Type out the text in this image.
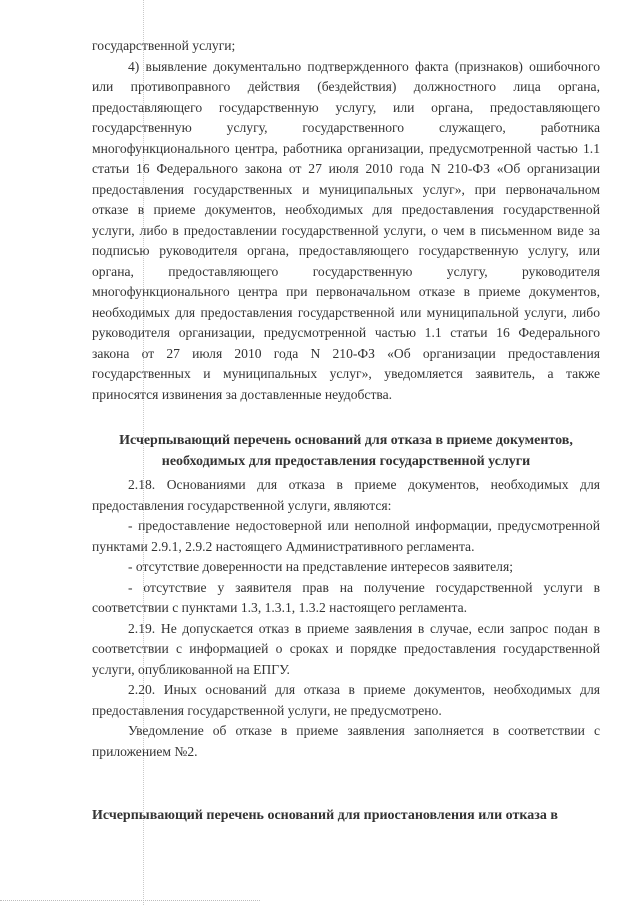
государственной услуги;

4) выявление документально подтвержденного факта (признаков) ошибочного или противоправного действия (бездействия) должностного лица органа, предоставляющего государственную услугу, или органа, предоставляющего государственную услугу, государственного служащего, работника многофункционального центра, работника организации, предусмотренной частью 1.1 статьи 16 Федерального закона от 27 июля 2010 года N 210-ФЗ «Об организации предоставления государственных и муниципальных услуг», при первоначальном отказе в приеме документов, необходимых для предоставления государственной услуги, либо в предоставлении государственной услуги, о чем в письменном виде за подписью руководителя органа, предоставляющего государственную услугу, или органа, предоставляющего государственную услугу, руководителя многофункционального центра при первоначальном отказе в приеме документов, необходимых для предоставления государственной или муниципальной услуги, либо руководителя организации, предусмотренной частью 1.1 статьи 16 Федерального закона от 27 июля 2010 года N 210-ФЗ «Об организации предоставления государственных и муниципальных услуг», уведомляется заявитель, а также приносятся извинения за доставленные неудобства.

Исчерпывающий перечень оснований для отказа в приеме документов,
необходимых для предоставления государственной услуги

2.18. Основаниями для отказа в приеме документов, необходимых для предоставления государственной услуги, являются:

- предоставление недостоверной или неполной информации, предусмотренной пунктами 2.9.1, 2.9.2 настоящего Административного регламента.

- отсутствие доверенности на представление интересов заявителя;

- отсутствие у заявителя прав на получение государственной услуги в соответствии с пунктами 1.3, 1.3.1, 1.3.2 настоящего регламента.

2.19. Не допускается отказ в приеме заявления в случае, если запрос подан в соответствии с информацией о сроках и порядке предоставления государственной услуги, опубликованной на ЕПГУ.

2.20. Иных оснований для отказа в приеме документов, необходимых для предоставления государственной услуги, не предусмотрено.

Уведомление об отказе в приеме заявления заполняется в соответствии с приложением №2.

Исчерпывающий перечень оснований для приостановления или отказа в
